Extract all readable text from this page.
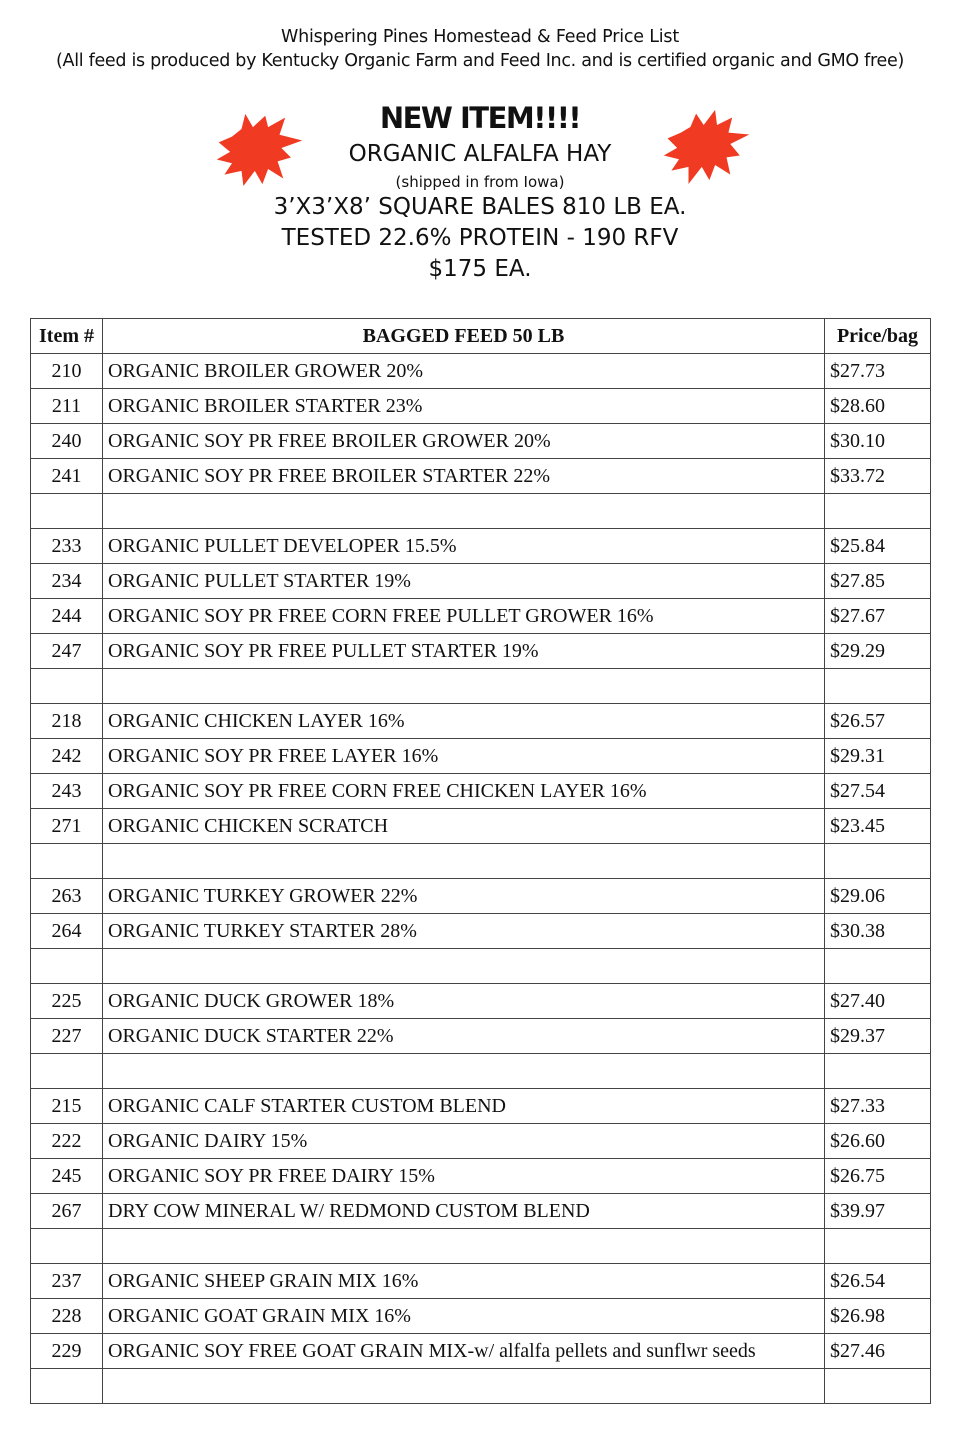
Whispering Pines Homestead & Feed Price List
(All feed is produced by Kentucky Organic Farm and Feed Inc. and is certified organic and GMO free)
NEW ITEM!!!!
ORGANIC ALFALFA HAY
(shipped in from Iowa)
3’X3’X8’ SQUARE BALES 810 LB EA.
TESTED 22.6% PROTEIN - 190 RFV
$175 EA.
Item #	BAGGED FEED 50 LB	Price/bag
210	ORGANIC BROILER GROWER 20%	$27.73
211	ORGANIC BROILER STARTER 23%	$28.60
240	ORGANIC SOY PR FREE BROILER GROWER 20%	$30.10
241	ORGANIC SOY PR FREE BROILER STARTER 22%	$33.72

233	ORGANIC PULLET DEVELOPER 15.5%	$25.84
234	ORGANIC PULLET STARTER 19%	$27.85
244	ORGANIC SOY PR FREE CORN FREE PULLET GROWER 16%	$27.67
247	ORGANIC SOY PR FREE PULLET STARTER 19%	$29.29

218	ORGANIC CHICKEN LAYER 16%	$26.57
242	ORGANIC SOY PR FREE LAYER 16%	$29.31
243	ORGANIC SOY PR FREE CORN FREE CHICKEN LAYER 16%	$27.54
271	ORGANIC CHICKEN SCRATCH	$23.45

263	ORGANIC TURKEY GROWER 22%	$29.06
264	ORGANIC TURKEY STARTER 28%	$30.38

225	ORGANIC DUCK GROWER 18%	$27.40
227	ORGANIC DUCK STARTER 22%	$29.37

215	ORGANIC CALF STARTER CUSTOM BLEND	$27.33
222	ORGANIC DAIRY 15%	$26.60
245	ORGANIC SOY PR FREE DAIRY 15%	$26.75
267	DRY COW MINERAL W/ REDMOND CUSTOM BLEND	$39.97

237	ORGANIC SHEEP GRAIN MIX 16%	$26.54
228	ORGANIC GOAT GRAIN MIX 16%	$26.98
229	ORGANIC SOY FREE GOAT GRAIN MIX-w/ alfalfa pellets and sunflwr seeds	$27.46
